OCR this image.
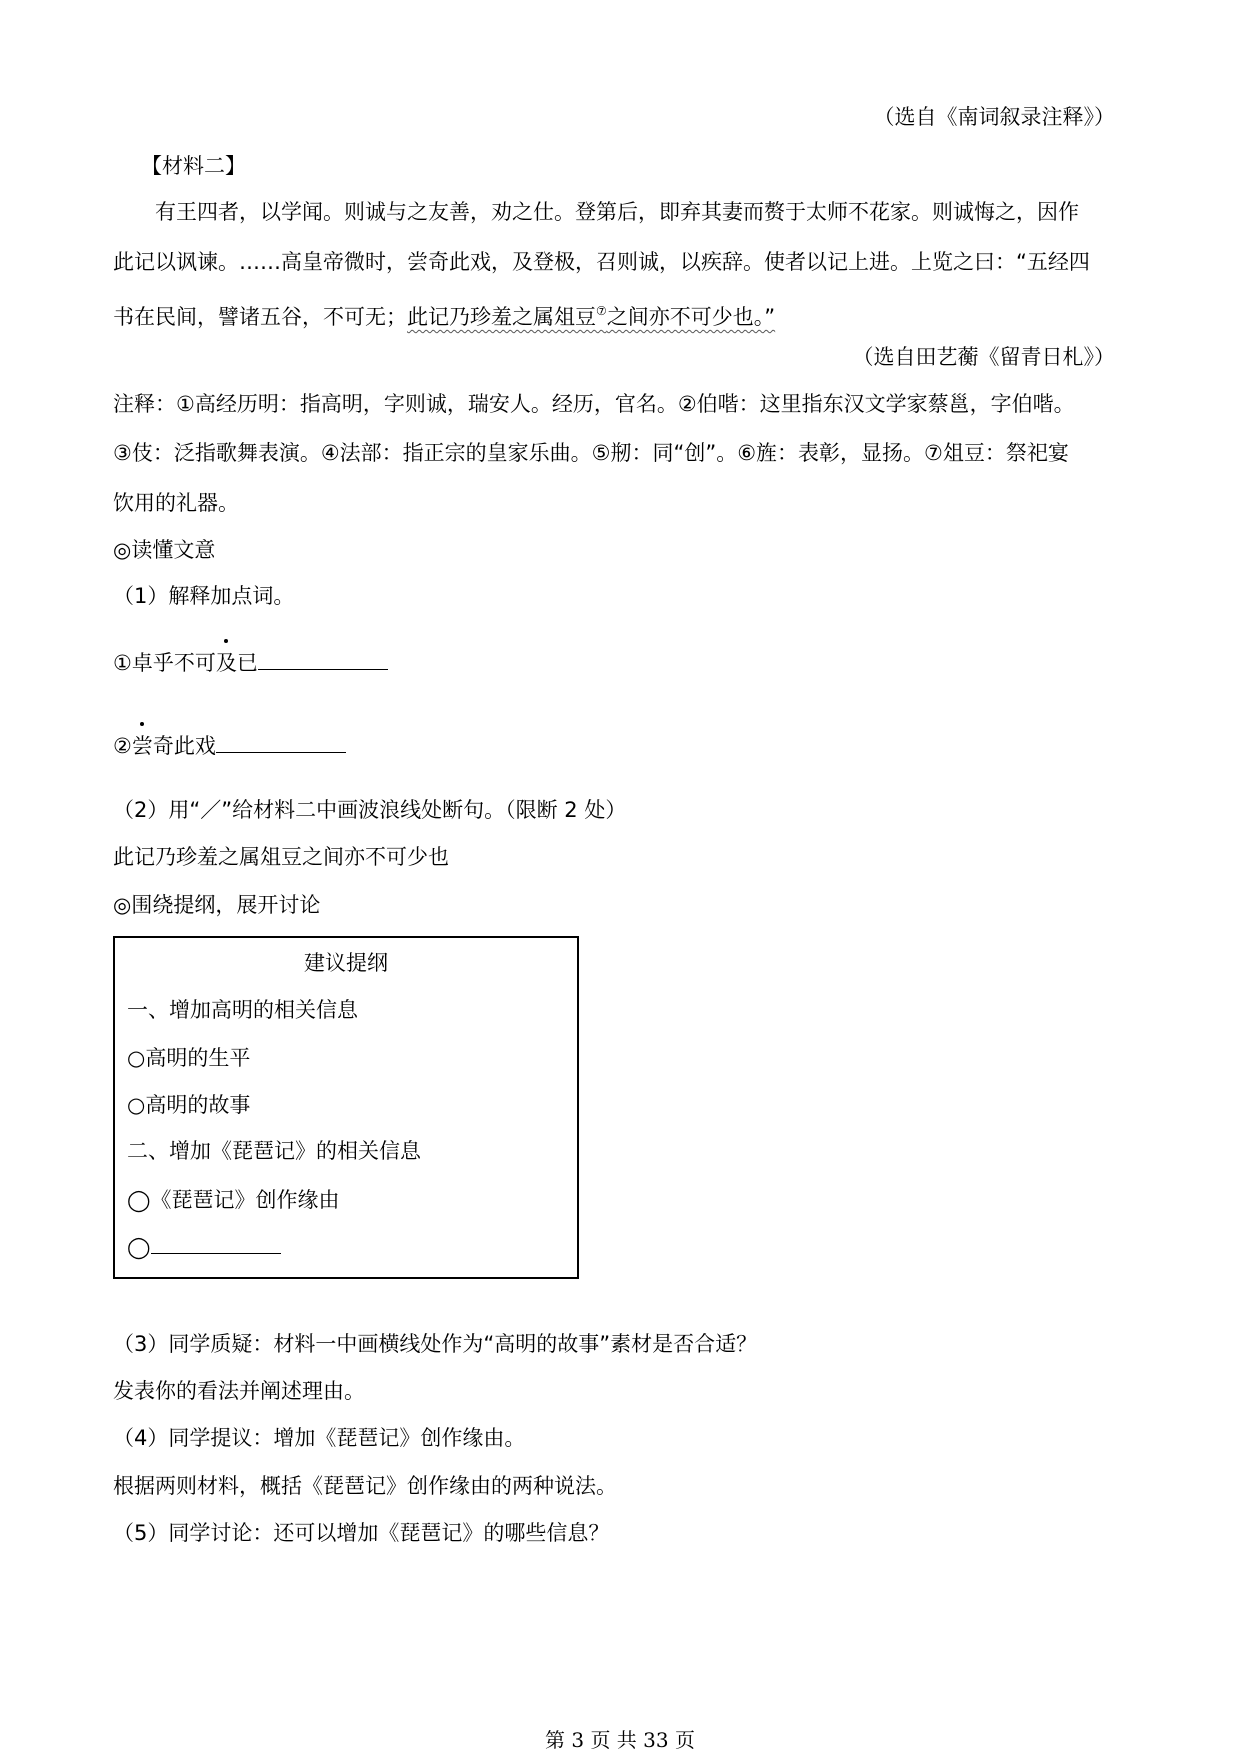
（选自《南词叙录注释》）
【材料二】
有王四者，以学闻。则诚与之友善，劝之仕。登第后，即弃其妻而赘于太师不花家。则诚悔之，因作
此记以讽谏。……高皇帝微时，尝奇此戏，及登极，召则诚，以疾辞。使者以记上进。上览之曰：“五经四
书在民间，譬诸五谷，不可无；此记乃珍羞之属俎豆⑦之间亦不可少也。”
（选自田艺蘅《留青日札》）
注释：①高经历明：指高明，字则诚，瑞安人。经历，官名。②伯喈：这里指东汉文学家蔡邕，字伯喈。
③伎：泛指歌舞表演。④法部：指正宗的皇家乐曲。⑤剏：同“创”。⑥旌：表彰，显扬。⑦俎豆：祭祀宴
饮用的礼器。
◎读懂文意
（1）解释加点词。
①卓乎不可及已
②尝奇此戏
（2）用“／”给材料二中画波浪线处断句。（限断 2 处）
此记乃珍羞之属俎豆之间亦不可少也
◎围绕提纲，展开讨论
建议提纲
一、增加高明的相关信息
○高明的生平
○高明的故事
二、增加《琵琶记》的相关信息
◯《琵琶记》创作缘由
◯
（3）同学质疑：材料一中画横线处作为“高明的故事”素材是否合适？
发表你的看法并阐述理由。
（4）同学提议：增加《琵琶记》创作缘由。
根据两则材料，概括《琵琶记》创作缘由的两种说法。
（5）同学讨论：还可以增加《琵琶记》的哪些信息？
第 3 页 共 33 页
